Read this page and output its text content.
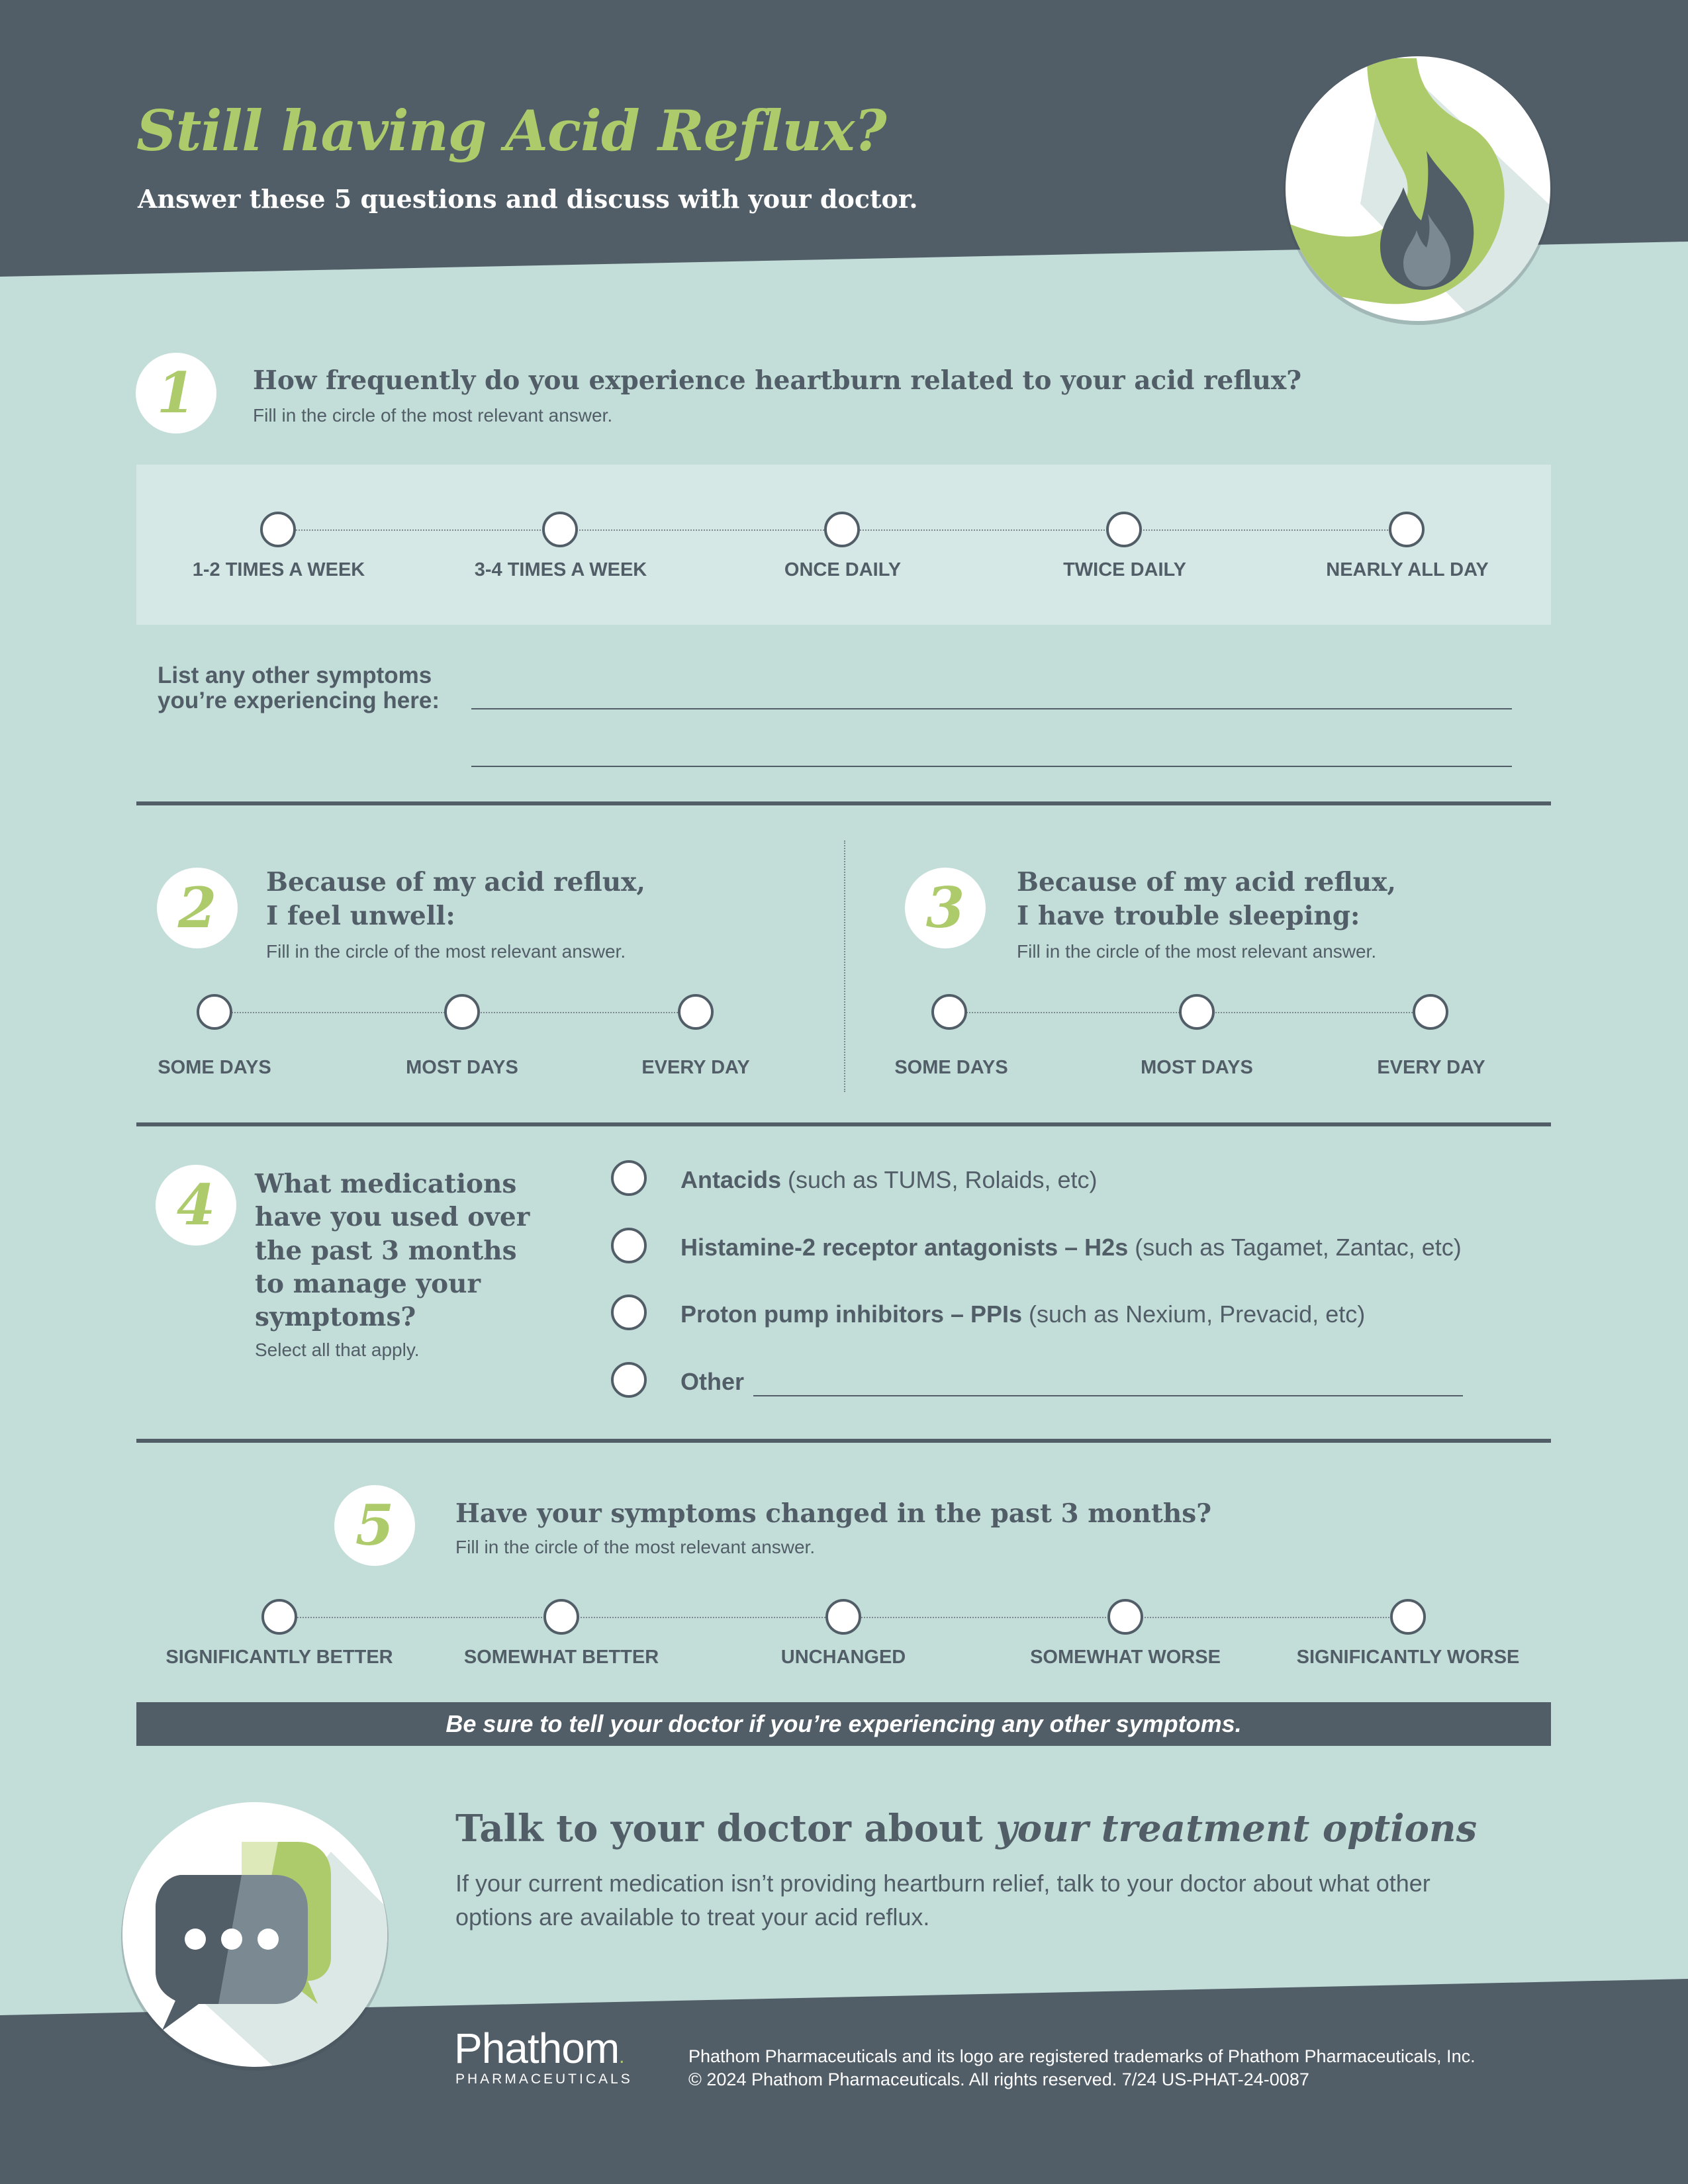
Still having Acid Reflux?
Answer these 5 questions and discuss with your doctor.
1	How frequently do you experience heartburn related to your acid reflux?
Fill in the circle of the most relevant answer.
1-2 TIMES A WEEK	3-4 TIMES A WEEK	ONCE DAILY	TWICE DAILY	NEARLY ALL DAY
List any other symptoms
you’re experiencing here:
2	Because of my acid reflux,
I feel unwell:
Fill in the circle of the most relevant answer.
SOME DAYS	MOST DAYS	EVERY DAY
3	Because of my acid reflux,
I have trouble sleeping:
Fill in the circle of the most relevant answer.
SOME DAYS	MOST DAYS	EVERY DAY
4	What medications
have you used over
the past 3 months
to manage your
symptoms?
Select all that apply.
Antacids (such as TUMS, Rolaids, etc)
Histamine-2 receptor antagonists – H2s (such as Tagamet, Zantac, etc)
Proton pump inhibitors – PPIs (such as Nexium, Prevacid, etc)
Other
5	Have your symptoms changed in the past 3 months?
Fill in the circle of the most relevant answer.
SIGNIFICANTLY BETTER	SOMEWHAT BETTER	UNCHANGED	SOMEWHAT WORSE	SIGNIFICANTLY WORSE
Be sure to tell your doctor if you’re experiencing any other symptoms.
Talk to your doctor about your treatment options
If your current medication isn’t providing heartburn relief, talk to your doctor about what other options are available to treat your acid reflux.
Phathom.
PHARMACEUTICALS
Phathom Pharmaceuticals and its logo are registered trademarks of Phathom Pharmaceuticals, Inc.
© 2024 Phathom Pharmaceuticals. All rights reserved. 7/24 US-PHAT-24-0087
